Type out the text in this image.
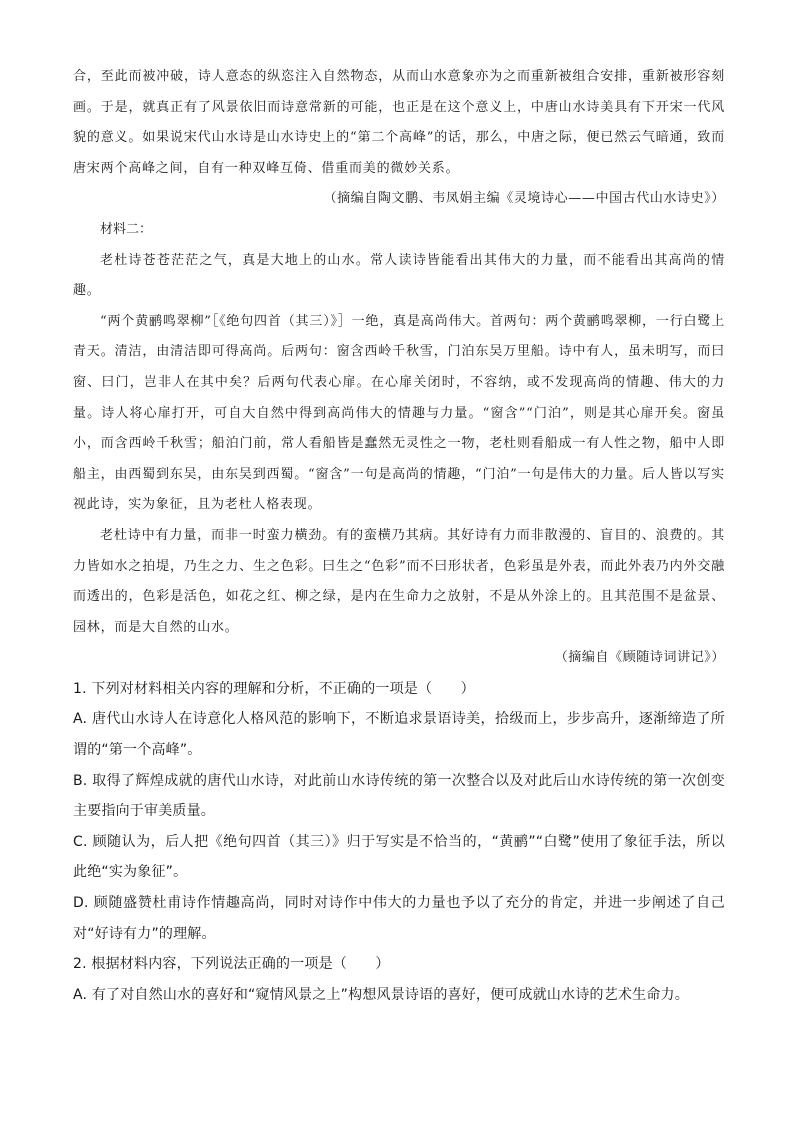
合，至此而被冲破，诗人意态的纵恣注入自然物态，从而山水意象亦为之而重新被组合安排，重新被形容刻画。于是，就真正有了风景依旧而诗意常新的可能，也正是在这个意义上，中唐山水诗美具有下开宋一代风貌的意义。如果说宋代山水诗是山水诗史上的“第二个高峰”的话，那么，中唐之际，便已然云气暗通，致而唐宋两个高峰之间，自有一种双峰互倚、借重而美的微妙关系。

（摘编自陶文鹏、韦凤娟主编《灵境诗心——中国古代山水诗史》）

材料二：

老杜诗苍苍茫茫之气，真是大地上的山水。常人读诗皆能看出其伟大的力量，而不能看出其高尚的情趣。

“两个黄鹂鸣翠柳”［《绝句四首（其三）》］一绝，真是高尚伟大。首两句：两个黄鹂鸣翠柳，一行白鹭上青天。清洁，由清洁即可得高尚。后两句：窗含西岭千秋雪，门泊东吴万里船。诗中有人，虽未明写，而曰窗、曰门，岂非人在其中矣？后两句代表心扉。在心扉关闭时，不容纳，或不发现高尚的情趣、伟大的力量。诗人将心扉打开，可自大自然中得到高尚伟大的情趣与力量。“窗含”“门泊”，则是其心扉开矣。窗虽小，而含西岭千秋雪；船泊门前，常人看船皆是蠢然无灵性之一物，老杜则看船成一有人性之物，船中人即船主，由西蜀到东吴，由东吴到西蜀。“窗含”一句是高尚的情趣，“门泊”一句是伟大的力量。后人皆以写实视此诗，实为象征，且为老杜人格表现。

老杜诗中有力量，而非一时蛮力横劲。有的蛮横乃其病。其好诗有力而非散漫的、盲目的、浪费的。其力皆如水之拍堤，乃生之力、生之色彩。曰生之“色彩”而不曰形状者，色彩虽是外表，而此外表乃内外交融而透出的，色彩是活色，如花之红、柳之绿，是内在生命力之放射，不是从外涂上的。且其范围不是盆景、园林，而是大自然的山水。

（摘编自《顾随诗词讲记》）

1. 下列对材料相关内容的理解和分析，不正确的一项是（　　）

A. 唐代山水诗人在诗意化人格风范的影响下，不断追求景语诗美，拾级而上，步步高升，逐渐缔造了所谓的“第一个高峰”。

B. 取得了辉煌成就的唐代山水诗，对此前山水诗传统的第一次整合以及对此后山水诗传统的第一次创变主要指向于审美质量。

C. 顾随认为，后人把《绝句四首（其三）》归于写实是不恰当的，“黄鹂”“白鹭”使用了象征手法，所以此绝“实为象征”。

D. 顾随盛赞杜甫诗作情趣高尚，同时对诗作中伟大的力量也予以了充分的肯定，并进一步阐述了自己对“好诗有力”的理解。

2. 根据材料内容，下列说法正确的一项是（　　）

A. 有了对自然山水的喜好和“窥情风景之上”构想风景诗语的喜好，便可成就山水诗的艺术生命力。
